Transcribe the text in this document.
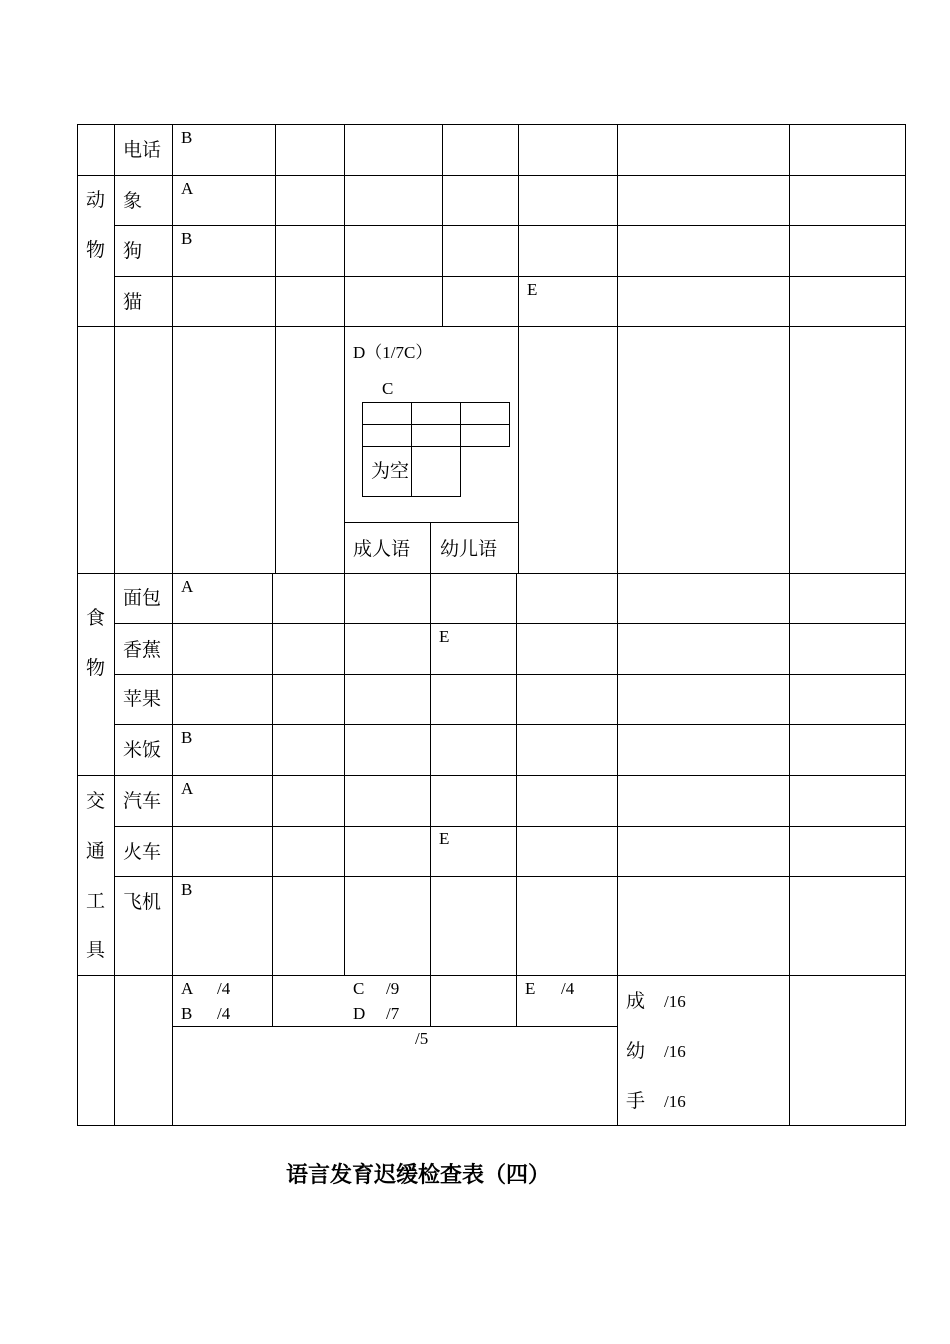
电话
B
动
物
象
A
狗
B
猫
E
D（1/7C）
C
为空
成人语 幼儿语
食
物
面包
A
香蕉
E
苹果
米饭
B
交
通
工
具
汽车
A
火车
E
飞机
B
A /4
B /4
C /9
D /7
E /4
/5
成 /16
幼 /16
手 /16
语言发育迟缓检查表（四）
